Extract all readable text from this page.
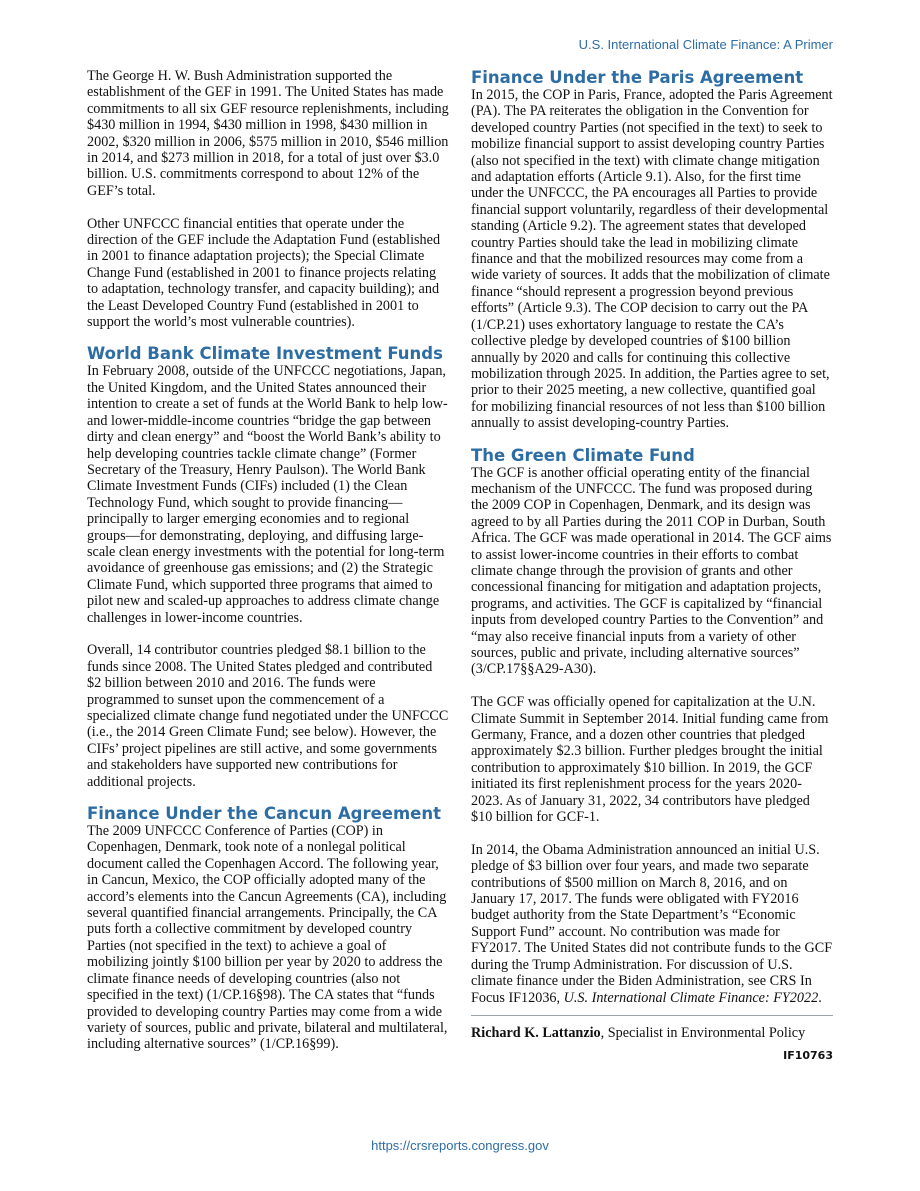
U.S. International Climate Finance: A Primer

The George H. W. Bush Administration supported the establishment of the GEF in 1991. The United States has made commitments to all six GEF resource replenishments, including $430 million in 1994, $430 million in 1998, $430 million in 2002, $320 million in 2006, $575 million in 2010, $546 million in 2014, and $273 million in 2018, for a total of just over $3.0 billion. U.S. commitments correspond to about 12% of the GEF’s total.

Other UNFCCC financial entities that operate under the direction of the GEF include the Adaptation Fund (established in 2001 to finance adaptation projects); the Special Climate Change Fund (established in 2001 to finance projects relating to adaptation, technology transfer, and capacity building); and the Least Developed Country Fund (established in 2001 to support the world’s most vulnerable countries).

World Bank Climate Investment Funds

In February 2008, outside of the UNFCCC negotiations, Japan, the United Kingdom, and the United States announced their intention to create a set of funds at the World Bank to help low- and lower-middle-income countries “bridge the gap between dirty and clean energy” and “boost the World Bank’s ability to help developing countries tackle climate change” (Former Secretary of the Treasury, Henry Paulson). The World Bank Climate Investment Funds (CIFs) included (1) the Clean Technology Fund, which sought to provide financing—principally to larger emerging economies and to regional groups—for demonstrating, deploying, and diffusing large-scale clean energy investments with the potential for long-term avoidance of greenhouse gas emissions; and (2) the Strategic Climate Fund, which supported three programs that aimed to pilot new and scaled-up approaches to address climate change challenges in lower-income countries.

Overall, 14 contributor countries pledged $8.1 billion to the funds since 2008. The United States pledged and contributed $2 billion between 2010 and 2016. The funds were programmed to sunset upon the commencement of a specialized climate change fund negotiated under the UNFCCC (i.e., the 2014 Green Climate Fund; see below). However, the CIFs’ project pipelines are still active, and some governments and stakeholders have supported new contributions for additional projects.

Finance Under the Cancun Agreement

The 2009 UNFCCC Conference of Parties (COP) in Copenhagen, Denmark, took note of a nonlegal political document called the Copenhagen Accord. The following year, in Cancun, Mexico, the COP officially adopted many of the accord’s elements into the Cancun Agreements (CA), including several quantified financial arrangements. Principally, the CA puts forth a collective commitment by developed country Parties (not specified in the text) to achieve a goal of mobilizing jointly $100 billion per year by 2020 to address the climate finance needs of developing countries (also not specified in the text) (1/CP.16§98). The CA states that “funds provided to developing country Parties may come from a wide variety of sources, public and private, bilateral and multilateral, including alternative sources” (1/CP.16§99).

Finance Under the Paris Agreement

In 2015, the COP in Paris, France, adopted the Paris Agreement (PA). The PA reiterates the obligation in the Convention for developed country Parties (not specified in the text) to seek to mobilize financial support to assist developing country Parties (also not specified in the text) with climate change mitigation and adaptation efforts (Article 9.1). Also, for the first time under the UNFCCC, the PA encourages all Parties to provide financial support voluntarily, regardless of their developmental standing (Article 9.2). The agreement states that developed country Parties should take the lead in mobilizing climate finance and that the mobilized resources may come from a wide variety of sources. It adds that the mobilization of climate finance “should represent a progression beyond previous efforts” (Article 9.3). The COP decision to carry out the PA (1/CP.21) uses exhortatory language to restate the CA’s collective pledge by developed countries of $100 billion annually by 2020 and calls for continuing this collective mobilization through 2025. In addition, the Parties agree to set, prior to their 2025 meeting, a new collective, quantified goal for mobilizing financial resources of not less than $100 billion annually to assist developing-country Parties.

The Green Climate Fund

The GCF is another official operating entity of the financial mechanism of the UNFCCC. The fund was proposed during the 2009 COP in Copenhagen, Denmark, and its design was agreed to by all Parties during the 2011 COP in Durban, South Africa. The GCF was made operational in 2014. The GCF aims to assist lower-income countries in their efforts to combat climate change through the provision of grants and other concessional financing for mitigation and adaptation projects, programs, and activities. The GCF is capitalized by “financial inputs from developed country Parties to the Convention” and “may also receive financial inputs from a variety of other sources, public and private, including alternative sources” (3/CP.17§§A29-A30).

The GCF was officially opened for capitalization at the U.N. Climate Summit in September 2014. Initial funding came from Germany, France, and a dozen other countries that pledged approximately $2.3 billion. Further pledges brought the initial contribution to approximately $10 billion. In 2019, the GCF initiated its first replenishment process for the years 2020-2023. As of January 31, 2022, 34 contributors have pledged $10 billion for GCF-1.

In 2014, the Obama Administration announced an initial U.S. pledge of $3 billion over four years, and made two separate contributions of $500 million on March 8, 2016, and on January 17, 2017. The funds were obligated with FY2016 budget authority from the State Department’s “Economic Support Fund” account. No contribution was made for FY2017. The United States did not contribute funds to the GCF during the Trump Administration. For discussion of U.S. climate finance under the Biden Administration, see CRS In Focus IF12036, U.S. International Climate Finance: FY2022.

Richard K. Lattanzio, Specialist in Environmental Policy
IF10763
https://crsreports.congress.gov
